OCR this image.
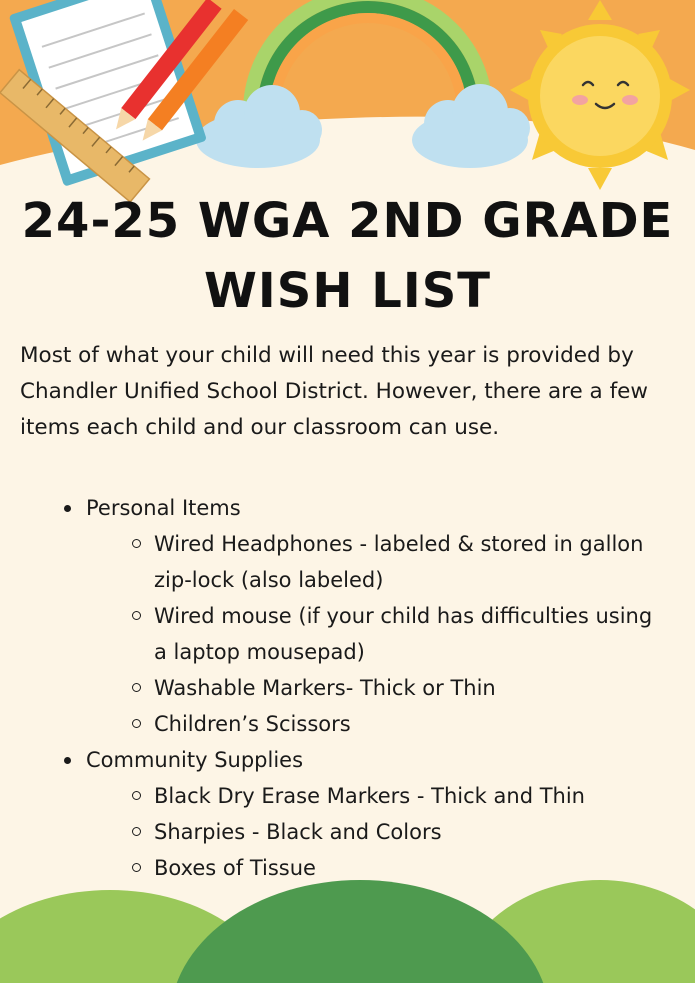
24-25 WGA 2ND GRADE WISH LIST

Most of what your child will need this year is provided by Chandler Unified School District. However, there are a few items each child and our classroom can use.

Personal Items
Wired Headphones - labeled & stored in gallon zip-lock (also labeled)
Wired mouse (if your child has difficulties using a laptop mousepad)
Washable Markers- Thick or Thin
Children’s Scissors
Community Supplies
Black Dry Erase Markers - Thick and Thin
Sharpies - Black and Colors
Boxes of Tissue
